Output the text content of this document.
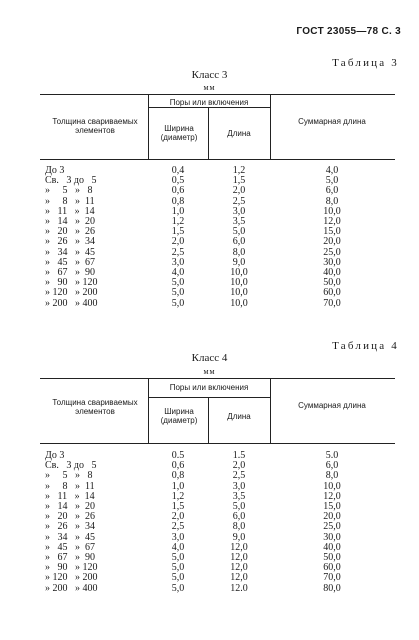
ГОСТ 23055—78 С. 3
Таблица 3
Класс 3
мм
Толщина свариваемых элементов
Поры или включения
Ширина (диаметр)	Длина
Суммарная длина
До 3	0,4	1,2	4,0
Св.   3 до   5	0,5	1,5	5,0
»     5   »   8	0,6	2,0	6,0
»     8   »  11	0,8	2,5	8,0
»   11   »  14	1,0	3,0	10,0
»   14   »  20	1,2	3,5	12,0
»   20   »  26	1,5	5,0	15,0
»   26   »  34	2,0	6,0	20,0
»   34   »  45	2,5	8,0	25,0
»   45   »  67	3,0	9,0	30,0
»   67   »  90	4,0	10,0	40,0
»   90   » 120	5,0	10,0	50,0
» 120   » 200	5,0	10,0	60,0
» 200   » 400	5,0	10,0	70,0
Таблица 4
Класс 4
мм
Толщина свариваемых элементов
Поры или включения
Ширина (диаметр)	Длина
Суммарная длина
До 3	0.5	1.5	5.0
Св.   3 до   5	0,6	2,0	6,0
»     5   »   8	0,8	2,5	8,0
»     8   »  11	1,0	3,0	10,0
»   11   »  14	1,2	3,5	12,0
»   14   »  20	1,5	5,0	15,0
»   20   »  26	2,0	6,0	20,0
»   26   »  34	2,5	8,0	25,0
»   34   »  45	3,0	9,0	30,0
»   45   »  67	4,0	12,0	40,0
»   67   »  90	5,0	12,0	50,0
»   90   » 120	5,0	12,0	60,0
» 120   » 200	5,0	12,0	70,0
» 200   » 400	5,0	12.0	80,0
